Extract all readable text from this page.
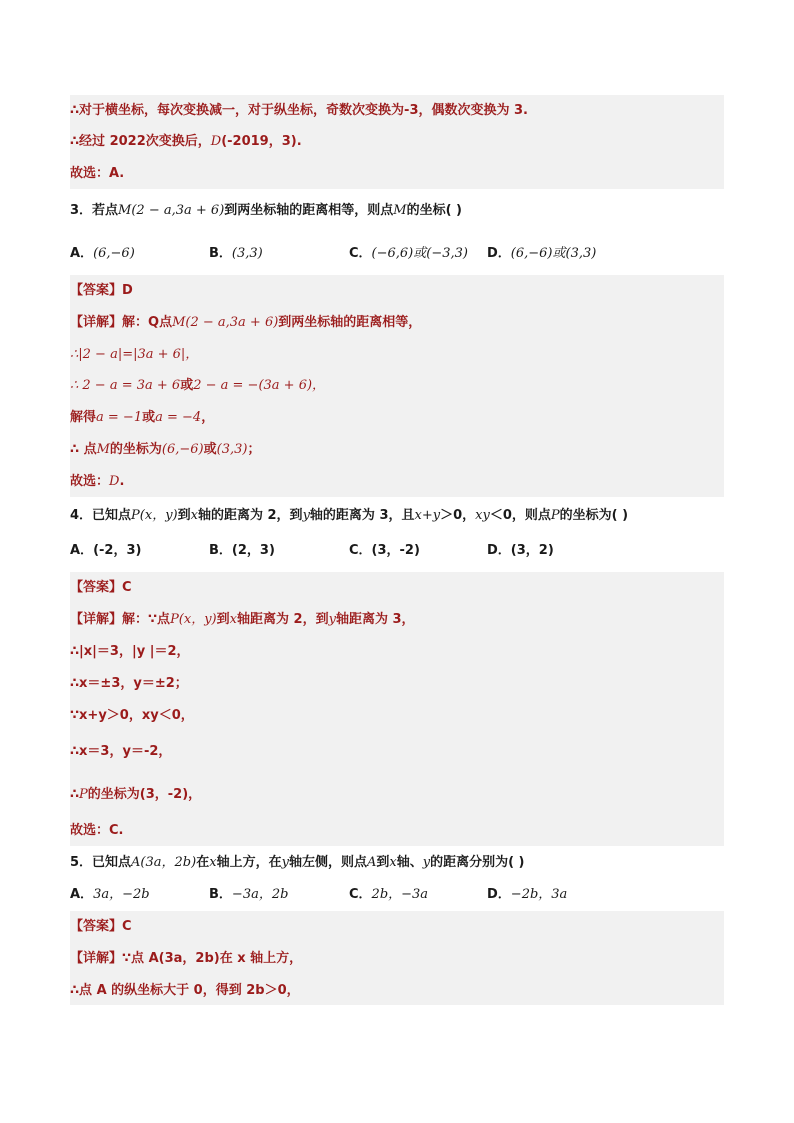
∴对于横坐标，每次变换减一，对于纵坐标，奇数次变换为-3，偶数次变换为 3.
∴经过 2022次变换后，D(-2019，3).
故选：A.
3．若点M(2 − a,3a + 6)到两坐标轴的距离相等，则点M的坐标( )
A．(6,−6)	B．(3,3)	C．(−6,6)或(−3,3) D．(6,−6)或(3,3)
【答案】D
【详解】解：Q点M(2 − a,3a + 6)到两坐标轴的距离相等，
∴|2 − a|=|3a + 6|，
∴ 2 − a = 3a + 6或2 − a = −(3a + 6)，
解得a = −1或a = −4，
∴ 点M的坐标为(6,−6)或(3,3)；
故选：D.
4．已知点P(x，y)到x轴的距离为 2，到y轴的距离为 3，且x+y＞0，xy＜0，则点P的坐标为( )
A．(-2，3)	B．(2，3)	C．(3，-2)	D．(3，2)
【答案】C
【详解】解：∵点P(x，y)到x轴距离为 2，到y轴距离为 3，
∴|x|＝3，|y |＝2，
∴x＝±3，y＝±2；
∵x+y＞0，xy＜0，
∴x＝3，y＝-2，
∴P的坐标为(3，-2)，
故选：C.
5．已知点A(3a，2b)在x轴上方，在y轴左侧，则点A到x轴、y的距离分别为( )
A．3a，−2b	B．−3a，2b	C．2b，−3a	D．−2b，3a
【答案】C
【详解】∵点 A(3a，2b)在 x 轴上方，
∴点 A 的纵坐标大于 0，得到 2b＞0，
